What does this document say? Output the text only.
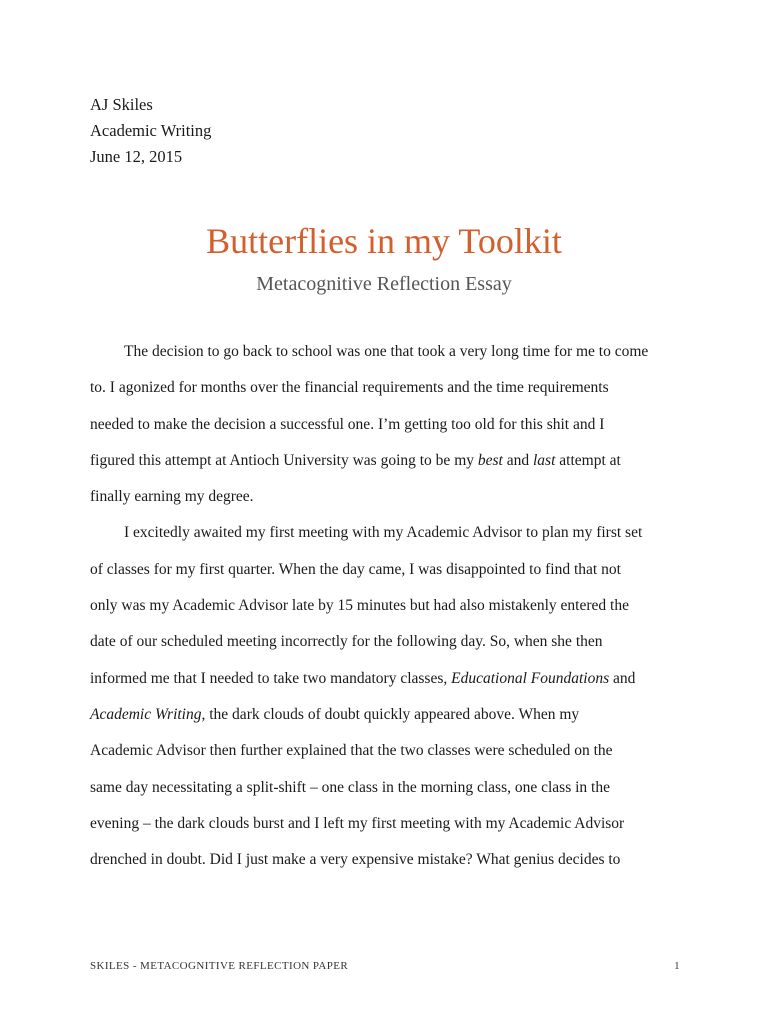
AJ Skiles
Academic Writing
June 12, 2015
Butterflies in my Toolkit
Metacognitive Reflection Essay
The decision to go back to school was one that took a very long time for me to come
to. I agonized for months over the financial requirements and the time requirements
needed to make the decision a successful one. I’m getting too old for this shit and I
figured this attempt at Antioch University was going to be my best and last attempt at
finally earning my degree.
I excitedly awaited my first meeting with my Academic Advisor to plan my first set
of classes for my first quarter. When the day came, I was disappointed to find that not
only was my Academic Advisor late by 15 minutes but had also mistakenly entered the
date of our scheduled meeting incorrectly for the following day. So, when she then
informed me that I needed to take two mandatory classes, Educational Foundations and
Academic Writing, the dark clouds of doubt quickly appeared above. When my
Academic Advisor then further explained that the two classes were scheduled on the
same day necessitating a split-shift – one class in the morning class, one class in the
evening – the dark clouds burst and I left my first meeting with my Academic Advisor
drenched in doubt. Did I just make a very expensive mistake? What genius decides to
SKILES - METACOGNITIVE REFLECTION PAPER	1
